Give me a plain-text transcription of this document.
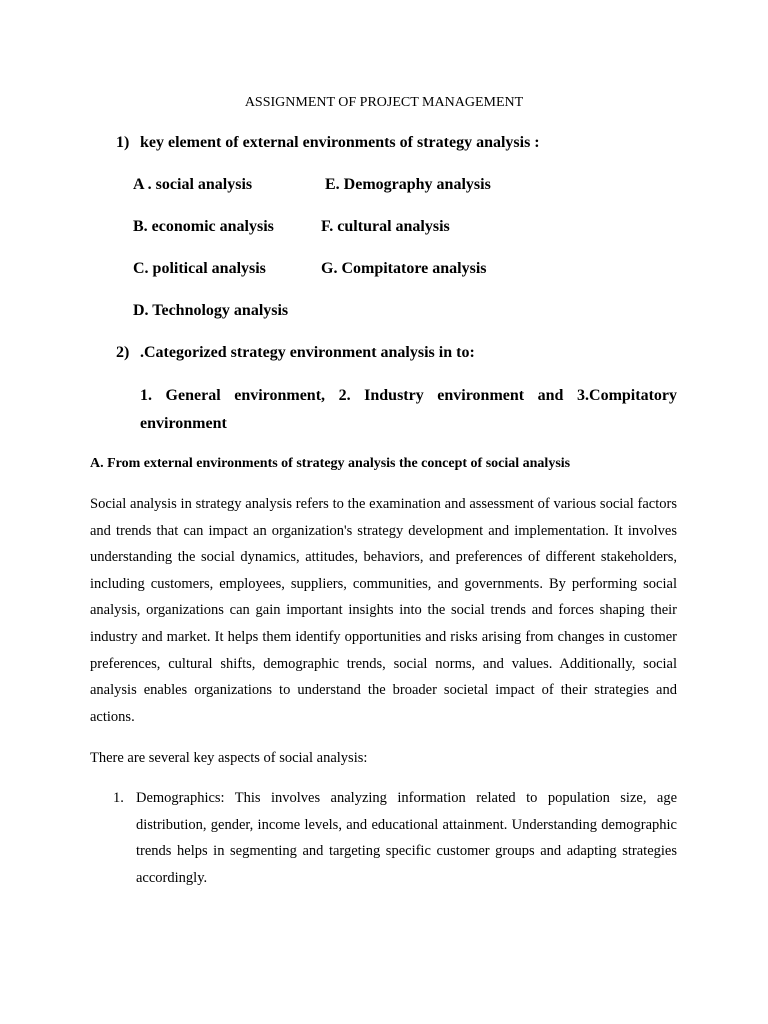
ASSIGNMENT OF PROJECT MANAGEMENT
1) key element of external environments of strategy analysis :
A . social analysis	E. Demography analysis
B. economic analysis	F. cultural analysis
C. political analysis	G. Compitatore analysis
D. Technology analysis
2) .Categorized strategy environment analysis in to:
1. General environment, 2. Industry environment and 3.Compitatory environment
A. From external environments of strategy analysis the concept of social analysis
Social analysis in strategy analysis refers to the examination and assessment of various social factors and trends that can impact an organization's strategy development and implementation. It involves understanding the social dynamics, attitudes, behaviors, and preferences of different stakeholders, including customers, employees, suppliers, communities, and governments. By performing social analysis, organizations can gain important insights into the social trends and forces shaping their industry and market. It helps them identify opportunities and risks arising from changes in customer preferences, cultural shifts, demographic trends, social norms, and values. Additionally, social analysis enables organizations to understand the broader societal impact of their strategies and actions.
There are several key aspects of social analysis:
1. Demographics: This involves analyzing information related to population size, age distribution, gender, income levels, and educational attainment. Understanding demographic trends helps in segmenting and targeting specific customer groups and adapting strategies accordingly.
